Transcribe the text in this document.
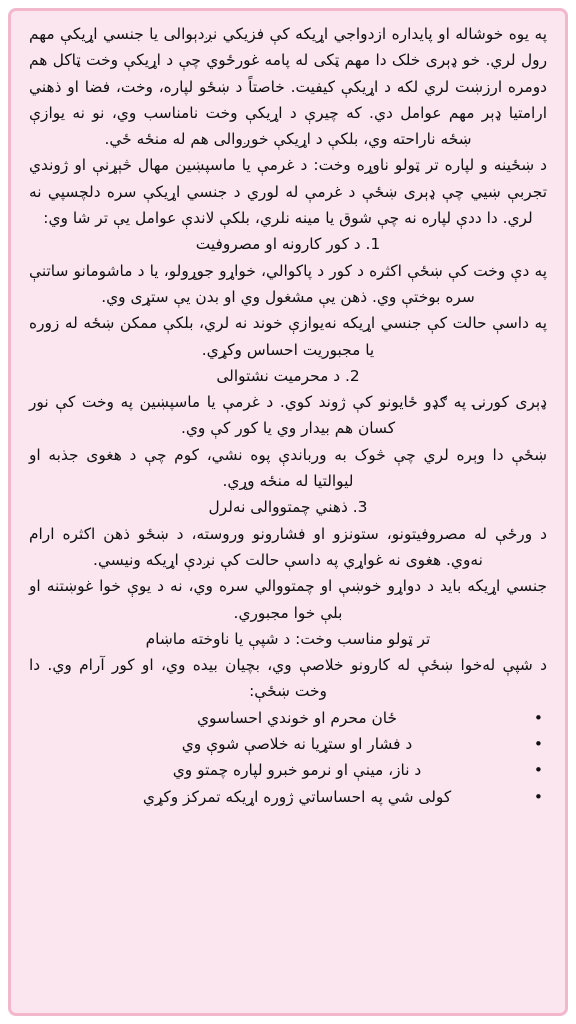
په یوه خوشاله او پایداره ازدواجي اړیکه کې فزیکي نږدېوالی یا جنسي اړیکې مهم رول لري. خو ډېری خلک دا مهم ټکی له پامه غورځوي چې د اړیکې وخت ټاکل هم دومره ارزښت لري لکه د اړیکې کیفیت. خاصتاً د ښځو لپاره، وخت، فضا او ذهني ارامتیا ډېر مهم عوامل دي. که چیرې د اړیکې وخت نامناسب وي، نو نه یوازې ښځه ناراحته وي، بلکې د اړیکې خوږوالی هم له منځه ځي.

د ښځینه و لپاره تر ټولو ناوړه وخت: د غرمې یا ماسپښین مهال څېړنې او ژوندي تجربې ښیي چې ډېری ښځې د غرمې له لوري د جنسي اړیکې سره دلچسپي نه لري. دا ددې لپاره نه چې شوق یا مینه نلري، بلکې لاندې عوامل یې تر شا وي:

1. د کور کارونه او مصروفیت

په دې وخت کې ښځې اکثره د کور د پاکوالي، خواړو جوړولو، یا د ماشومانو ساتنې سره بوختې وي. ذهن یې مشغول وي او بدن یې ستړی وي.

په داسې حالت کې جنسي اړیکه نه‌یوازې خوند نه لري، بلکې ممکن ښځه له زوره یا مجبوریت احساس وکړي.

2. د محرمیت نشتوالی

ډېری کورنۍ په ګډو ځایونو کې ژوند کوي. د غرمې یا ماسپښین په وخت کې نور کسان هم بیدار وي یا کور کې وي.

ښځې دا وېره لري چې څوک به ورباندې پوه نشي، کوم چې د هغوی جذبه او لیوالتیا له منځه وړي.

3. ذهني چمتووالی نه‌لرل

د ورځې له مصروفیتونو، ستونزو او فشارونو وروسته، د ښځو ذهن اکثره ارام نه‌وي. هغوی نه غواړي په داسې حالت کې نږدې اړیکه ونیسي.

جنسي اړیکه باید د دواړو خوښې او چمتووالي سره وي، نه د یوې خوا غوښتنه او بلې خوا مجبوري.

تر ټولو مناسب وخت: د شپې یا ناوخته ماښام

د شپې له‌خوا ښځې له کارونو خلاصې وي، بچیان بیده وي، او کور آرام وي. دا وخت ښځې:

•
ځان محرم او خوندي احساسوي
•
د فشار او ستړیا نه خلاصې شوې وي
•
د ناز، مینې او نرمو خبرو لپاره چمتو وي
•
کولی شي په احساساتي ژوره اړیکه تمرکز وکړي
